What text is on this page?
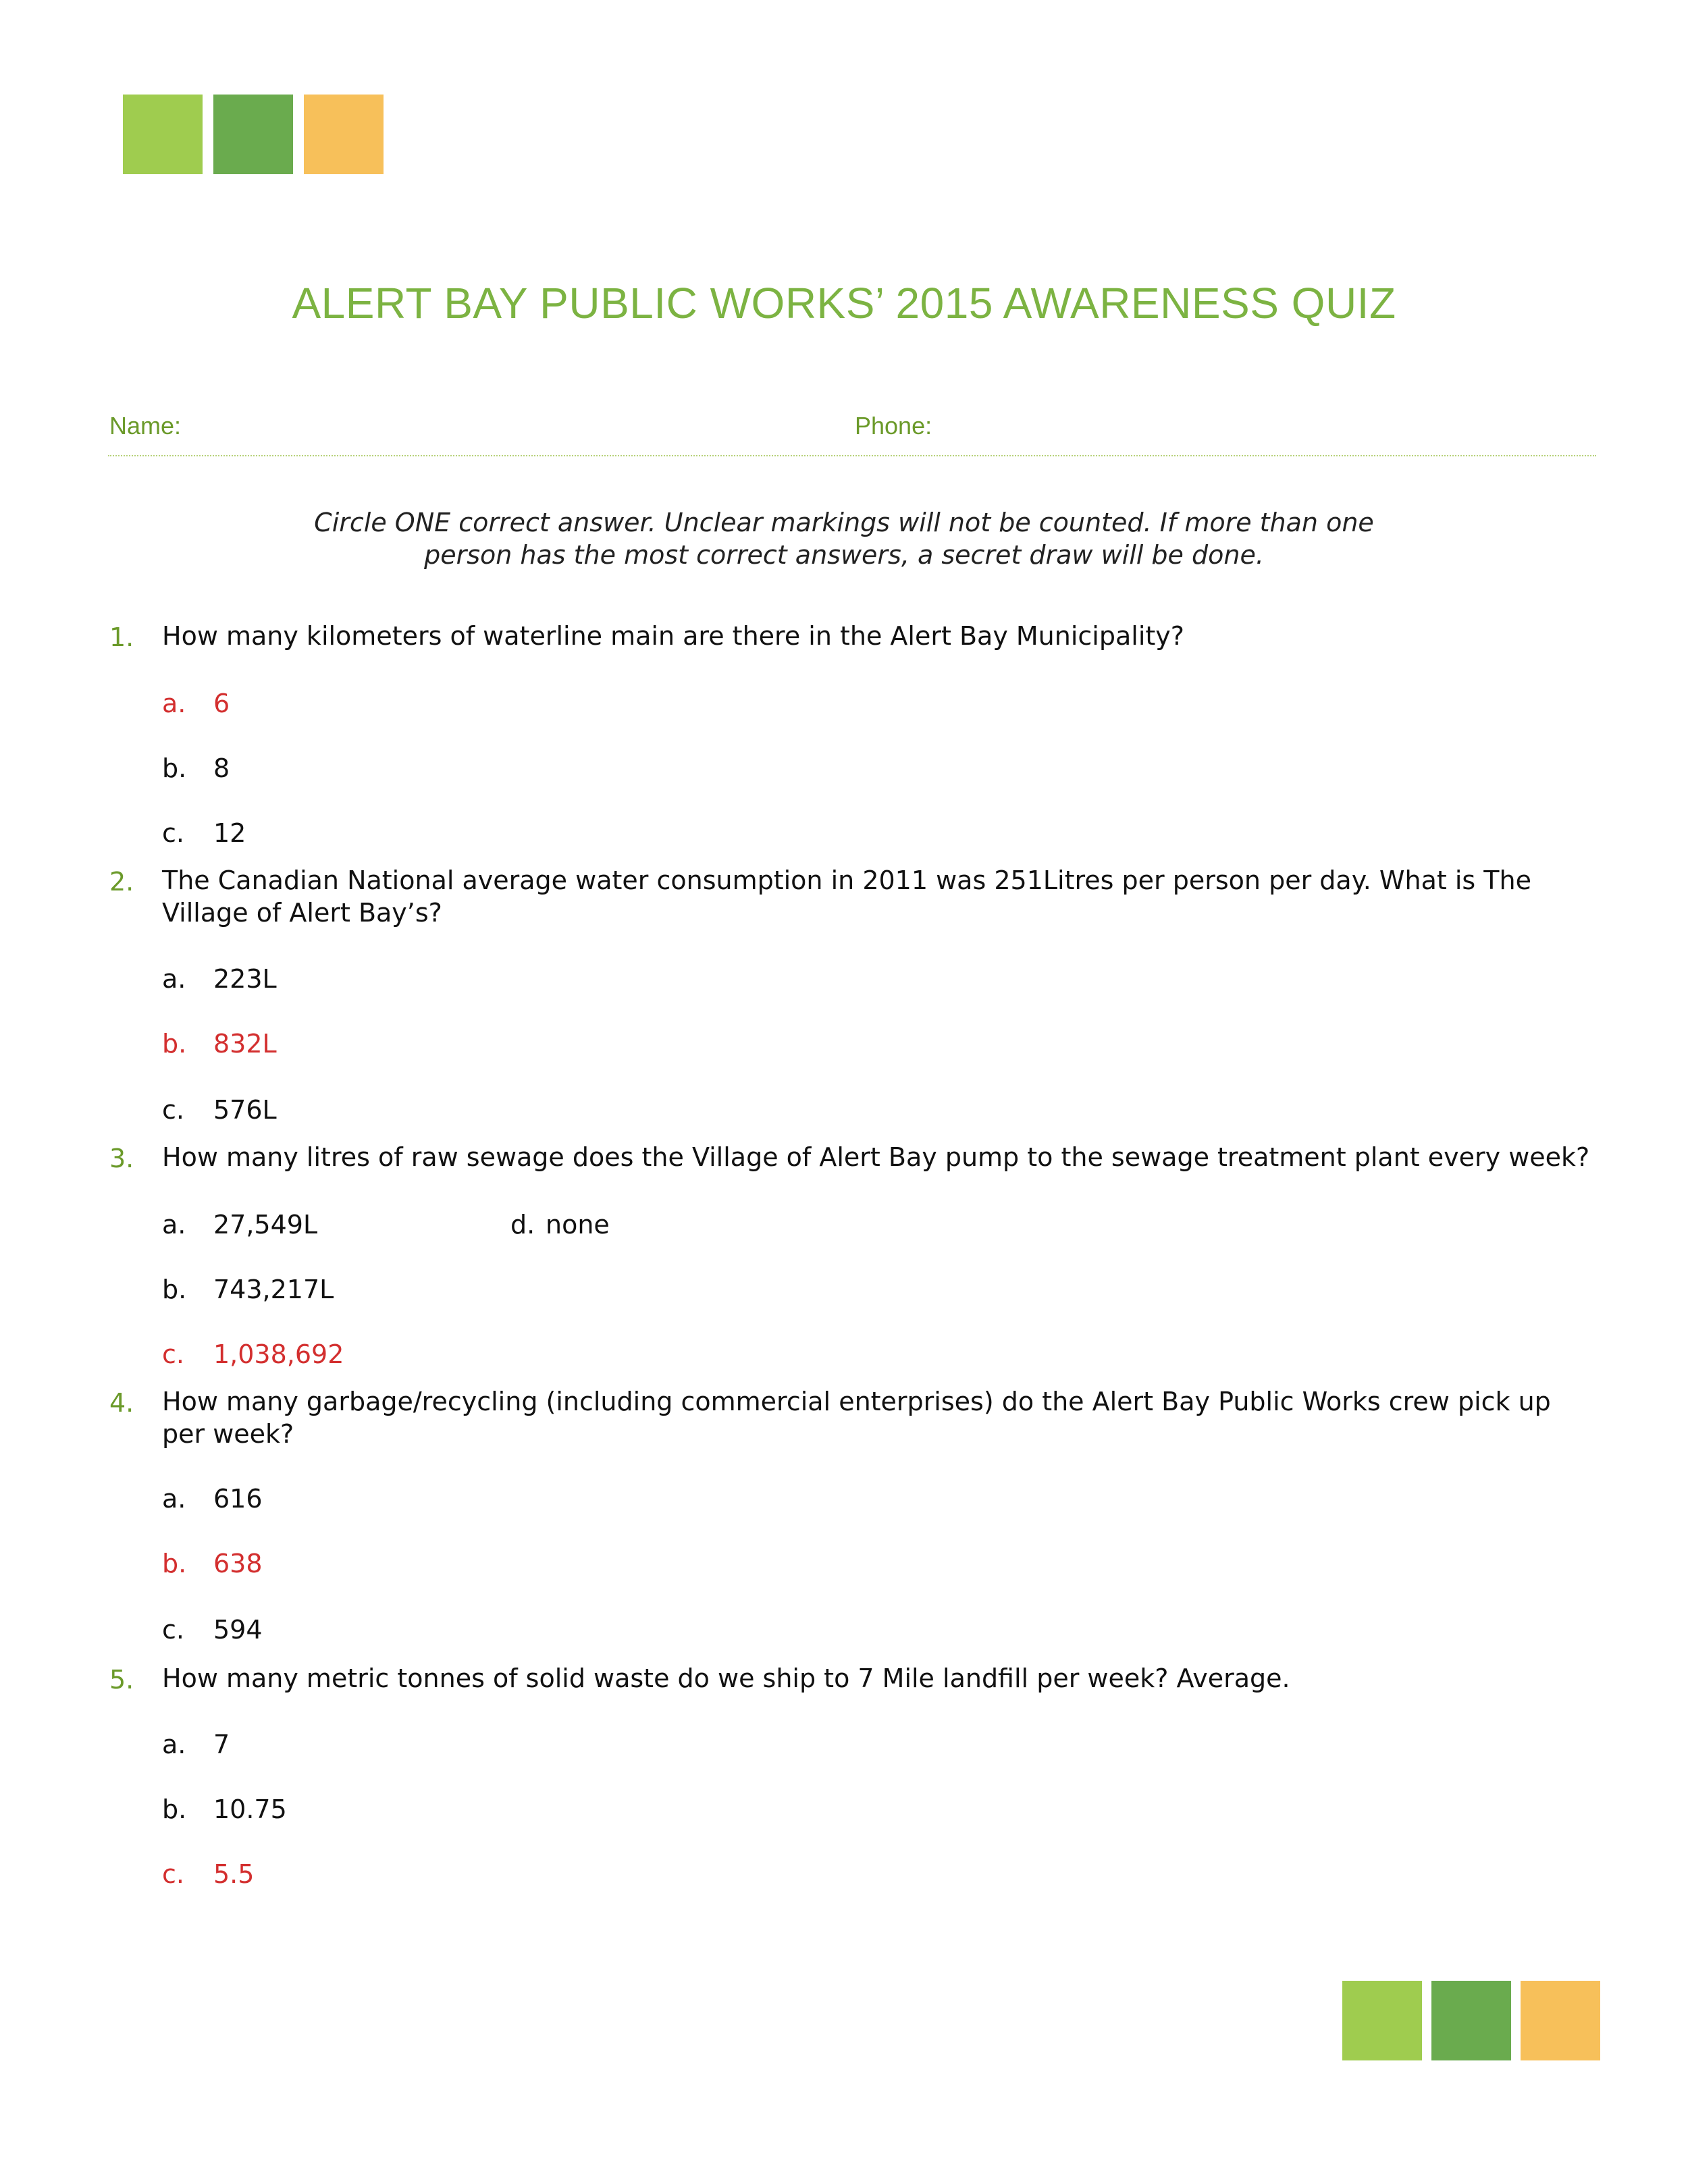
ALERT BAY PUBLIC WORKS’ 2015 AWARENESS QUIZ
Name:	Phone:
Circle ONE correct answer. Unclear markings will not be counted. If more than one
person has the most correct answers, a secret draw will be done.
1. How many kilometers of waterline main are there in the Alert Bay Municipality?
a. 6
b. 8
c. 12
2. The Canadian National average water consumption in 2011 was 251Litres per person per day. What is The Village of Alert Bay’s?
a. 223L
b. 832L
c. 576L
3. How many litres of raw sewage does the Village of Alert Bay pump to the sewage treatment plant every week?
a. 27,549L	d. none
b. 743,217L
c. 1,038,692
4. How many garbage/recycling (including commercial enterprises) do the Alert Bay Public Works crew pick up per week?
a. 616
b. 638
c. 594
5. How many metric tonnes of solid waste do we ship to 7 Mile landfill per week? Average.
a. 7
b. 10.75
c. 5.5
